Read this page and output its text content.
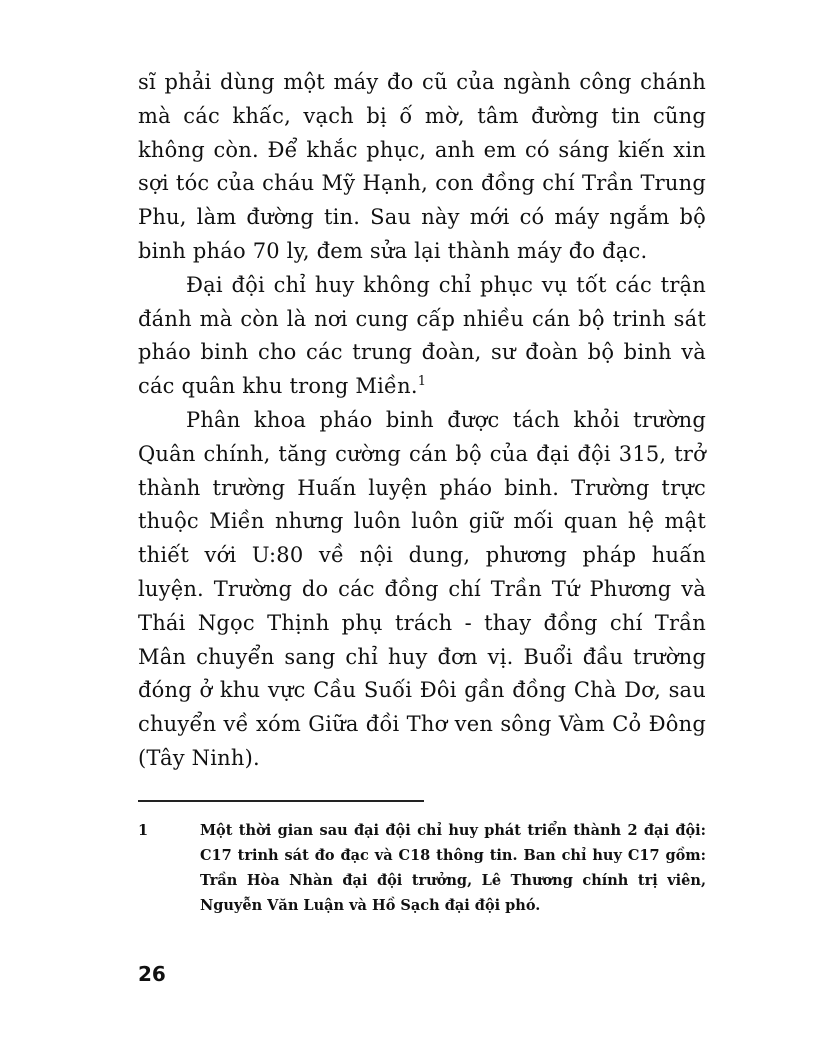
sĩ phải dùng một máy đo cũ của ngành công chánh mà các khấc, vạch bị ố mờ, tâm đường tin cũng không còn. Để khắc phục, anh em có sáng kiến xin sợi tóc của cháu Mỹ Hạnh, con đồng chí Trần Trung Phu, làm đường tin. Sau này mới có máy ngắm bộ binh pháo 70 ly, đem sửa lại thành máy đo đạc.

Đại đội chỉ huy không chỉ phục vụ tốt các trận đánh mà còn là nơi cung cấp nhiều cán bộ trinh sát pháo binh cho các trung đoàn, sư đoàn bộ binh và các quân khu trong Miền.$^1$

Phân khoa pháo binh được tách khỏi trường Quân chính, tăng cường cán bộ của đại đội 315, trở thành trường Huấn luyện pháo binh. Trường trực thuộc Miền nhưng luôn luôn giữ mối quan hệ mật thiết với U:80 về nội dung, phương pháp huấn luyện. Trường do các đồng chí Trần Tứ Phương và Thái Ngọc Thịnh phụ trách - thay đồng chí Trần Mân chuyển sang chỉ huy đơn vị. Buổi đầu trường đóng ở khu vực Cầu Suối Đôi gần đồng Chà Dơ, sau chuyển về xóm Giữa đồi Thơ ven sông Vàm Cỏ Đông (Tây Ninh).

1	Một thời gian sau đại đội chỉ huy phát triển thành 2 đại đội: C17 trinh sát đo đạc và C18 thông tin. Ban chỉ huy C17 gồm: Trần Hòa Nhàn đại đội trưởng, Lê Thương chính trị viên, Nguyễn Văn Luận và Hồ Sạch đại đội phó.

26
